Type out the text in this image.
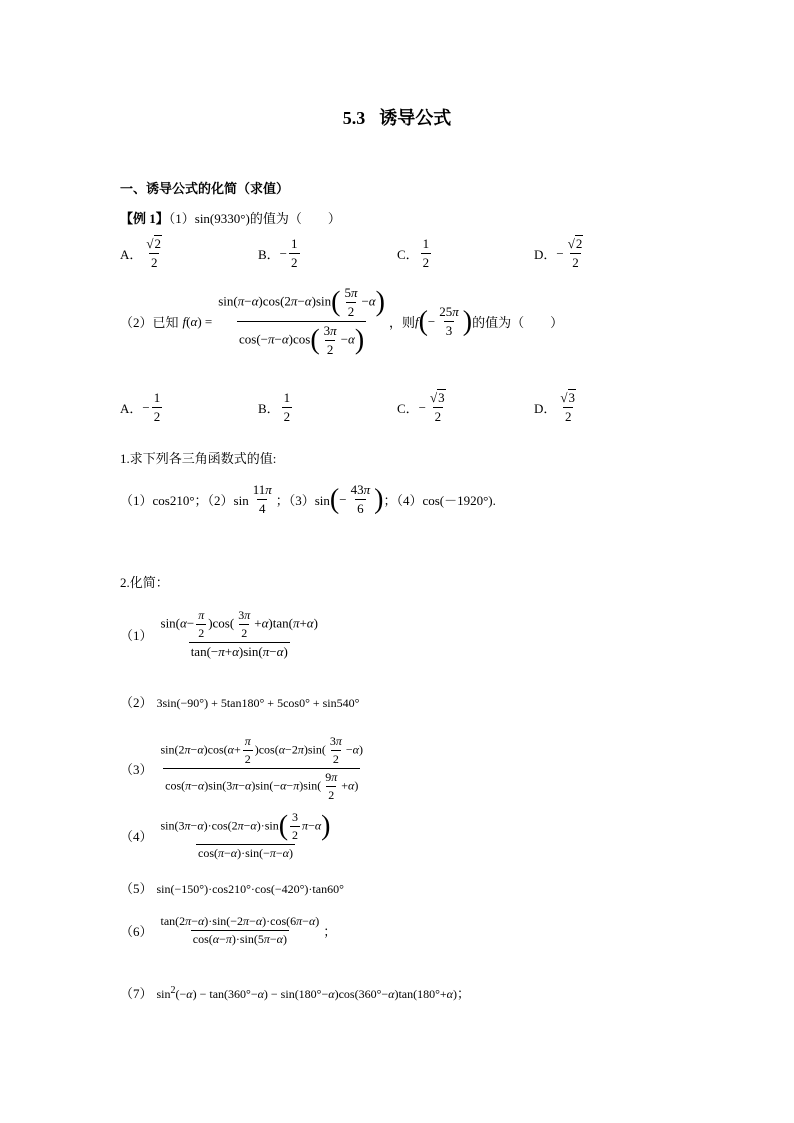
5.3 诱导公式
一、诱导公式的化简（求值）
【例 1】（1）sin(9330°)的值为（　　）
A． $\frac{√2}{2}$	B． − $\frac{1}{2}$	C． $\frac{1}{2}$	D． − $\frac{√2}{2}$
（2）已知 f ( α ) = $\frac{\sin(\pi-\alpha)\cos(2\pi-\alpha)\sin( \frac{5\pi}{2} -\alpha)}{\cos(-\pi-\alpha)\cos( \frac{3\pi}{2} -\alpha)}$ ，则 f ( − $\frac{25\pi}{3}$ ) 的值为（　　）
A． − $\frac{1}{2}$	B． $\frac{1}{2}$	C． − $\frac{√3}{2}$	D． $\frac{√3}{2}$
1.求下列各三角函数式的值:
（1）cos210°；$(2)\sin \frac{11\pi}{4}$ ；（3）sin ( − $\frac{43\pi}{6}$ ) ；（4）cos(－1920°).
2.化简：
$(1) \frac{\sin(\alpha- \frac{\pi}{2} )\cos( \frac{3\pi}{2} +\alpha)\tan(\pi+\alpha)}{\tan(-\pi+\alpha)\sin(\pi-\alpha)}$
（2） 3sin(−90°) + 5tan180° + 5cos0° + sin540°
$(3) \frac{\sin(2\pi-\alpha)\cos(\alpha+ \frac{\pi}{2} )\cos(\alpha-2\pi)\sin( \frac{3\pi}{2} -\alpha)}{\cos(\pi-\alpha)\sin(3\pi-\alpha)\sin(-\alpha-\pi)\sin( \frac{9\pi}{2} +\alpha)}$
$(4) \frac{\sin(3\pi-\alpha)\cdot\cos(2\pi-\alpha)\cdot\sin( \frac{3}{2} \pi-\alpha)}{\cos(\pi-\alpha)\cdot\sin(-\pi-\alpha)}$
（5） sin(−150°)·cos210°·cos(−420°)·tan60°
$(6) \frac{\tan(2\pi-\alpha)\cdot\sin(-2\pi-\alpha)\cdot\cos(6\pi-\alpha)}{\cos(\alpha-\pi)\cdot\sin(5\pi-\alpha)}$ ；
（7） $\sin^2(-\alpha) - \tan(360^\circ-\alpha) - \sin(180^\circ-\alpha)\cos(360^\circ-\alpha)\tan(180^\circ+\alpha)$；
